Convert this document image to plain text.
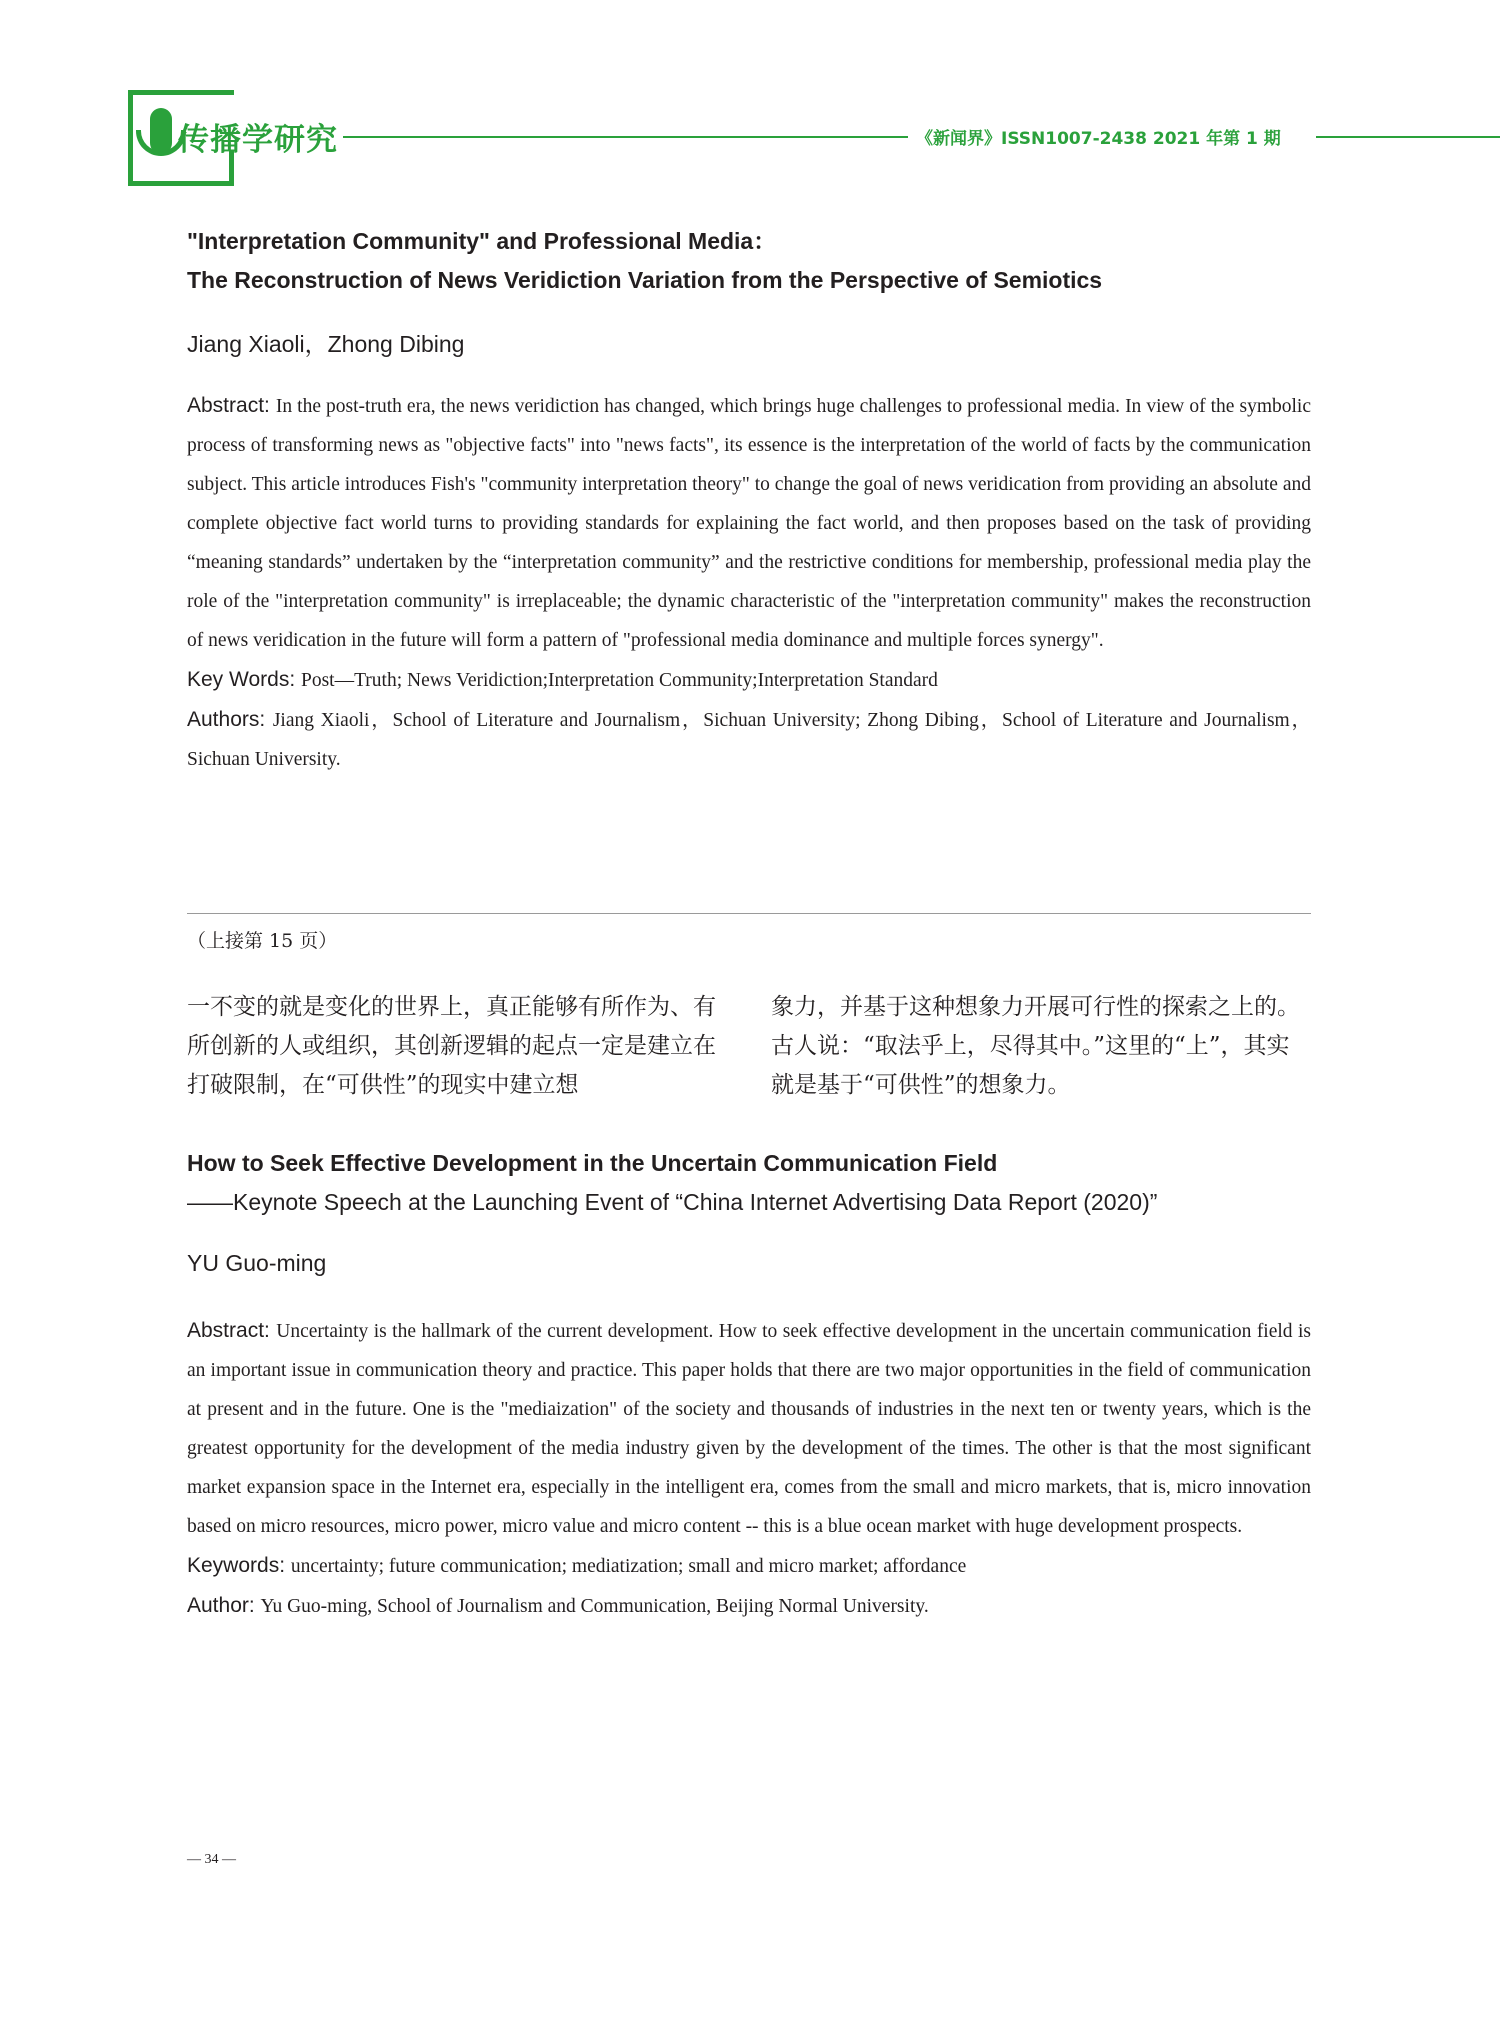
传播学研究	《新闻界》ISSN1007-2438 2021 年第 1 期

"Interpretation Community" and Professional Media：

The Reconstruction of News Veridiction Variation from the Perspective of Semiotics

Jiang Xiaoli，Zhong Dibing

Abstract: In the post-truth era, the news veridiction has changed, which brings huge challenges to professional media. In view of the symbolic process of transforming news as "objective facts" into "news facts", its essence is the interpretation of the world of facts by the communication subject. This article introduces Fish's "community interpretation theory" to change the goal of news veridication from providing an absolute and complete objective fact world turns to providing standards for explaining the fact world, and then proposes based on the task of providing “meaning standards” undertaken by the “interpretation community” and the restrictive conditions for membership, professional media play the role of the "interpretation community" is irreplaceable; the dynamic characteristic of the "interpretation community" makes the reconstruction of news veridication in the future will form a pattern of "professional media dominance and multiple forces synergy".

Key Words: Post—Truth; News Veridiction;Interpretation Community;Interpretation Standard

Authors: Jiang Xiaoli，School of Literature and Journalism，Sichuan University; Zhong Dibing，School of Literature and Journalism，Sichuan University.

（上接第 15 页）
一不变的就是变化的世界上，真正能够有所作为、有所创新的人或组织，其创新逻辑的起点一定是建立在打破限制，在“可供性”的现实中建立想
象力，并基于这种想象力开展可行性的探索之上的。古人说：“取法乎上，尽得其中。”这里的“上”，其实就是基于“可供性”的想象力。

How to Seek Effective Development in the Uncertain Communication Field

——Keynote Speech at the Launching Event of “China Internet Advertising Data Report (2020)”

YU Guo-ming

Abstract: Uncertainty is the hallmark of the current development. How to seek effective development in the uncertain communication field is an important issue in communication theory and practice. This paper holds that there are two major opportunities in the field of communication at present and in the future. One is the "mediaization" of the society and thousands of industries in the next ten or twenty years, which is the greatest opportunity for the development of the media industry given by the development of the times. The other is that the most significant market expansion space in the Internet era, especially in the intelligent era, comes from the small and micro markets, that is, micro innovation based on micro resources, micro power, micro value and micro content -- this is a blue ocean market with huge development prospects.

Keywords: uncertainty; future communication; mediatization; small and micro market; affordance

Author: Yu Guo-ming, School of Journalism and Communication, Beijing Normal University.

— 34 —
